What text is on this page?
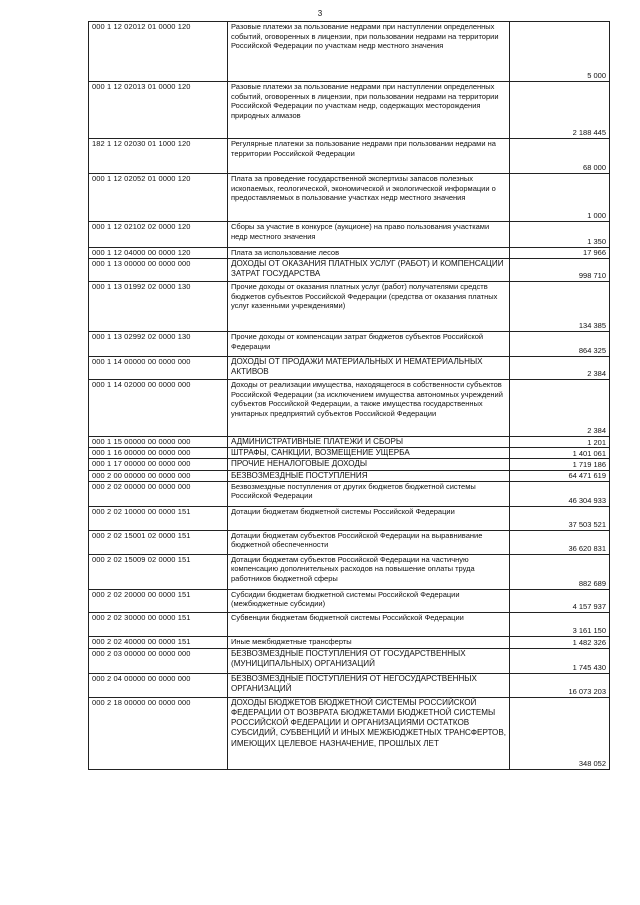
3
000 1 12 02012 01 0000 120	Разовые платежи за пользование недрами при наступлении определенных событий, оговоренных в лицензии, при пользовании недрами на территории Российской Федерации по участкам недр местного значения	5 000
000 1 12 02013 01 0000 120	Разовые платежи за пользование недрами при наступлении определенных событий, оговоренных в лицензии, при пользовании недрами на территории Российской Федерации по участкам недр, содержащих месторождения природных алмазов	2 188 445
182 1 12 02030 01 1000 120	Регулярные платежи за пользование недрами при пользовании недрами на территории Российской Федерации	68 000
000 1 12 02052 01 0000 120	Плата за проведение государственной экспертизы запасов полезных ископаемых, геологической, экономической и экологической информации о предоставляемых в пользование участках недр местного значения	1 000
000 1 12 02102 02 0000 120	Сборы за участие в конкурсе (аукционе) на право пользования участками недр местного значения	1 350
000 1 12 04000 00 0000 120	Плата за использование лесов	17 966
000 1 13 00000 00 0000 000	ДОХОДЫ ОТ ОКАЗАНИЯ ПЛАТНЫХ УСЛУГ (РАБОТ) И КОМПЕНСАЦИИ ЗАТРАТ ГОСУДАРСТВА	998 710
000 1 13 01992 02 0000 130	Прочие доходы от оказания платных услуг (работ) получателями средств бюджетов субъектов Российской Федерации (средства от оказания платных услуг казенными учреждениями)	134 385
000 1 13 02992 02 0000 130	Прочие доходы от компенсации затрат бюджетов субъектов Российской Федерации	864 325
000 1 14 00000 00 0000 000	ДОХОДЫ ОТ ПРОДАЖИ МАТЕРИАЛЬНЫХ И НЕМАТЕРИАЛЬНЫХ АКТИВОВ	2 384
000 1 14 02000 00 0000 000	Доходы от реализации имущества, находящегося в собственности субъектов Российской Федерации (за исключением имущества автономных учреждений субъектов Российской Федерации, а также имущества государственных унитарных предприятий субъектов Российской Федерации	2 384
000 1 15 00000 00 0000 000	АДМИНИСТРАТИВНЫЕ ПЛАТЕЖИ И СБОРЫ	1 201
000 1 16 00000 00 0000 000	ШТРАФЫ, САНКЦИИ, ВОЗМЕЩЕНИЕ УЩЕРБА	1 401 061
000 1 17 00000 00 0000 000	ПРОЧИЕ НЕНАЛОГОВЫЕ ДОХОДЫ	1 719 186
000 2 00 00000 00 0000 000	БЕЗВОЗМЕЗДНЫЕ ПОСТУПЛЕНИЯ	64 471 619
000 2 02 00000 00 0000 000	Безвозмездные поступления от других бюджетов бюджетной системы Российской Федерации	46 304 933
000 2 02 10000 00 0000 151	Дотации бюджетам бюджетной системы Российской Федерации	37 503 521
000 2 02 15001 02 0000 151	Дотации бюджетам субъектов Российской Федерации на выравнивание бюджетной обеспеченности	36 620 831
000 2 02 15009 02 0000 151	Дотации бюджетам субъектов Российской Федерации на частичную компенсацию дополнительных расходов на повышение оплаты труда работников бюджетной сферы	882 689
000 2 02 20000 00 0000 151	Субсидии бюджетам бюджетной системы Российской Федерации (межбюджетные субсидии)	4 157 937
000 2 02 30000 00 0000 151	Субвенции бюджетам бюджетной системы Российской Федерации	3 161 150
000 2 02 40000 00 0000 151	Иные межбюджетные трансферты	1 482 326
000 2 03 00000 00 0000 000	БЕЗВОЗМЕЗДНЫЕ ПОСТУПЛЕНИЯ ОТ ГОСУДАРСТВЕННЫХ (МУНИЦИПАЛЬНЫХ) ОРГАНИЗАЦИЙ	1 745 430
000 2 04 00000 00 0000 000	БЕЗВОЗМЕЗДНЫЕ ПОСТУПЛЕНИЯ ОТ НЕГОСУДАРСТВЕННЫХ ОРГАНИЗАЦИЙ	16 073 203
000 2 18 00000 00 0000 000	ДОХОДЫ БЮДЖЕТОВ БЮДЖЕТНОЙ СИСТЕМЫ РОССИЙСКОЙ ФЕДЕРАЦИИ ОТ ВОЗВРАТА БЮДЖЕТАМИ БЮДЖЕТНОЙ СИСТЕМЫ РОССИЙСКОЙ ФЕДЕРАЦИИ И ОРГАНИЗАЦИЯМИ ОСТАТКОВ СУБСИДИЙ, СУБВЕНЦИЙ И ИНЫХ МЕЖБЮДЖЕТНЫХ ТРАНСФЕРТОВ, ИМЕЮЩИХ ЦЕЛЕВОЕ НАЗНАЧЕНИЕ, ПРОШЛЫХ ЛЕТ	348 052
